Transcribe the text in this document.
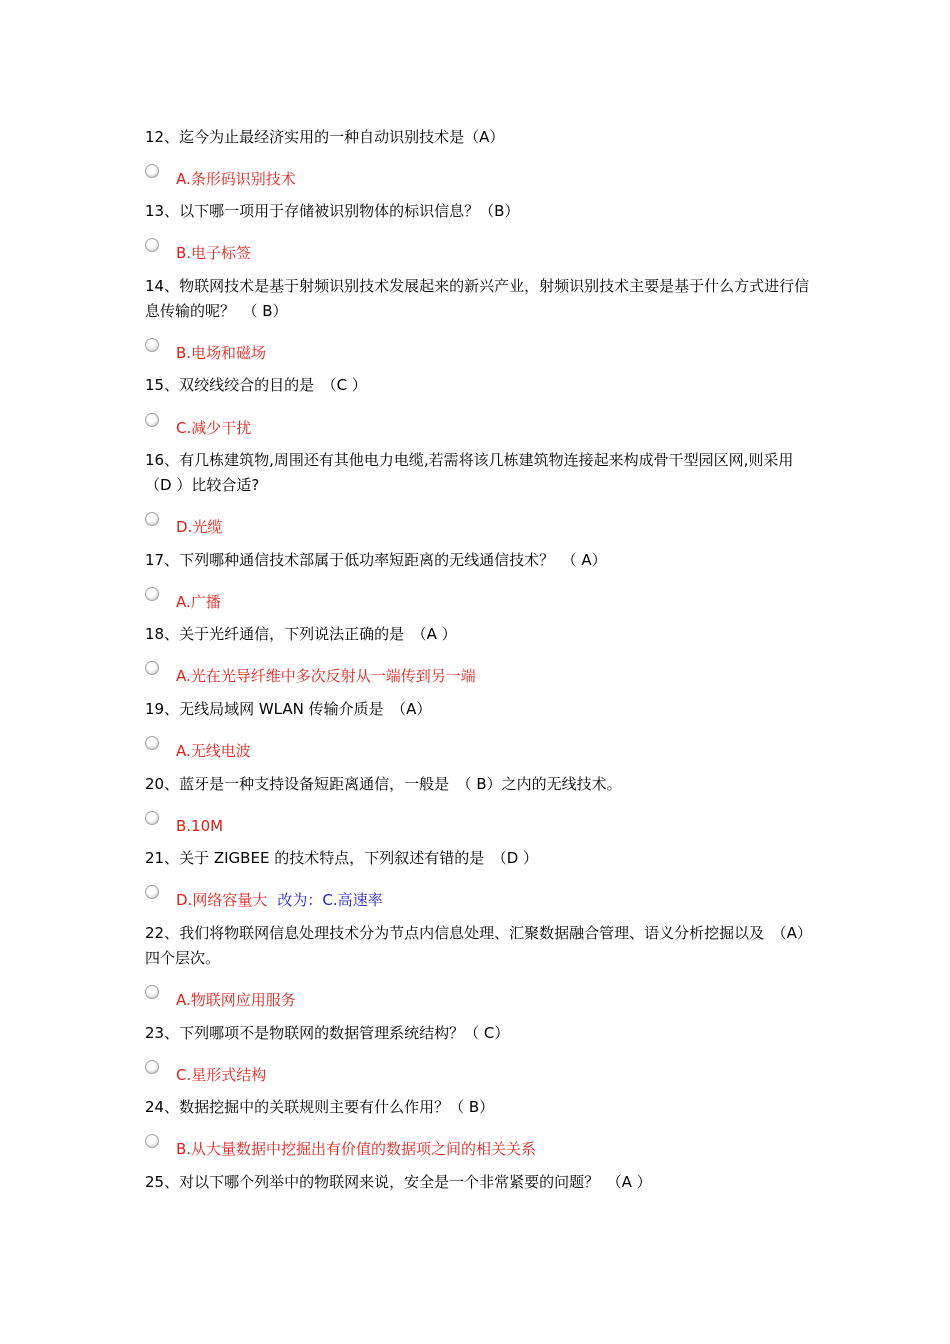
12、迄今为止最经济实用的一种自动识别技术是（A）
A.条形码识别技术
13、以下哪一项用于存储被识别物体的标识信息？（B）
B.电子标签
14、物联网技术是基于射频识别技术发展起来的新兴产业，射频识别技术主要是基于什么方式进行信息传输的呢？　（ B）
B.电场和磁场
15、双绞线绞合的目的是　（C ）
C.减少干扰
16、有几栋建筑物,周围还有其他电力电缆,若需将该几栋建筑物连接起来构成骨干型园区网,则采用（D ）比较合适?
D.光缆
17、下列哪种通信技术部属于低功率短距离的无线通信技术？　（ A）
A.广播
18、关于光纤通信，下列说法正确的是　（A ）
A.光在光导纤维中多次反射从一端传到另一端
19、无线局域网 WLAN 传输介质是　（A）
A.无线电波
20、蓝牙是一种支持设备短距离通信，一般是　（ B）之内的无线技术。
B.10M
21、关于 ZIGBEE 的技术特点，下列叙述有错的是　（D ）
D.网络容量大 改为：C.高速率
22、我们将物联网信息处理技术分为节点内信息处理、汇聚数据融合管理、语义分析挖掘以及　（A）　四个层次。
A.物联网应用服务
23、下列哪项不是物联网的数据管理系统结构？（ C）
C.星形式结构
24、数据挖掘中的关联规则主要有什么作用？（ B）
B.从大量数据中挖掘出有价值的数据项之间的相关关系
25、对以下哪个列举中的物联网来说，安全是一个非常紧要的问题？　（A ）
